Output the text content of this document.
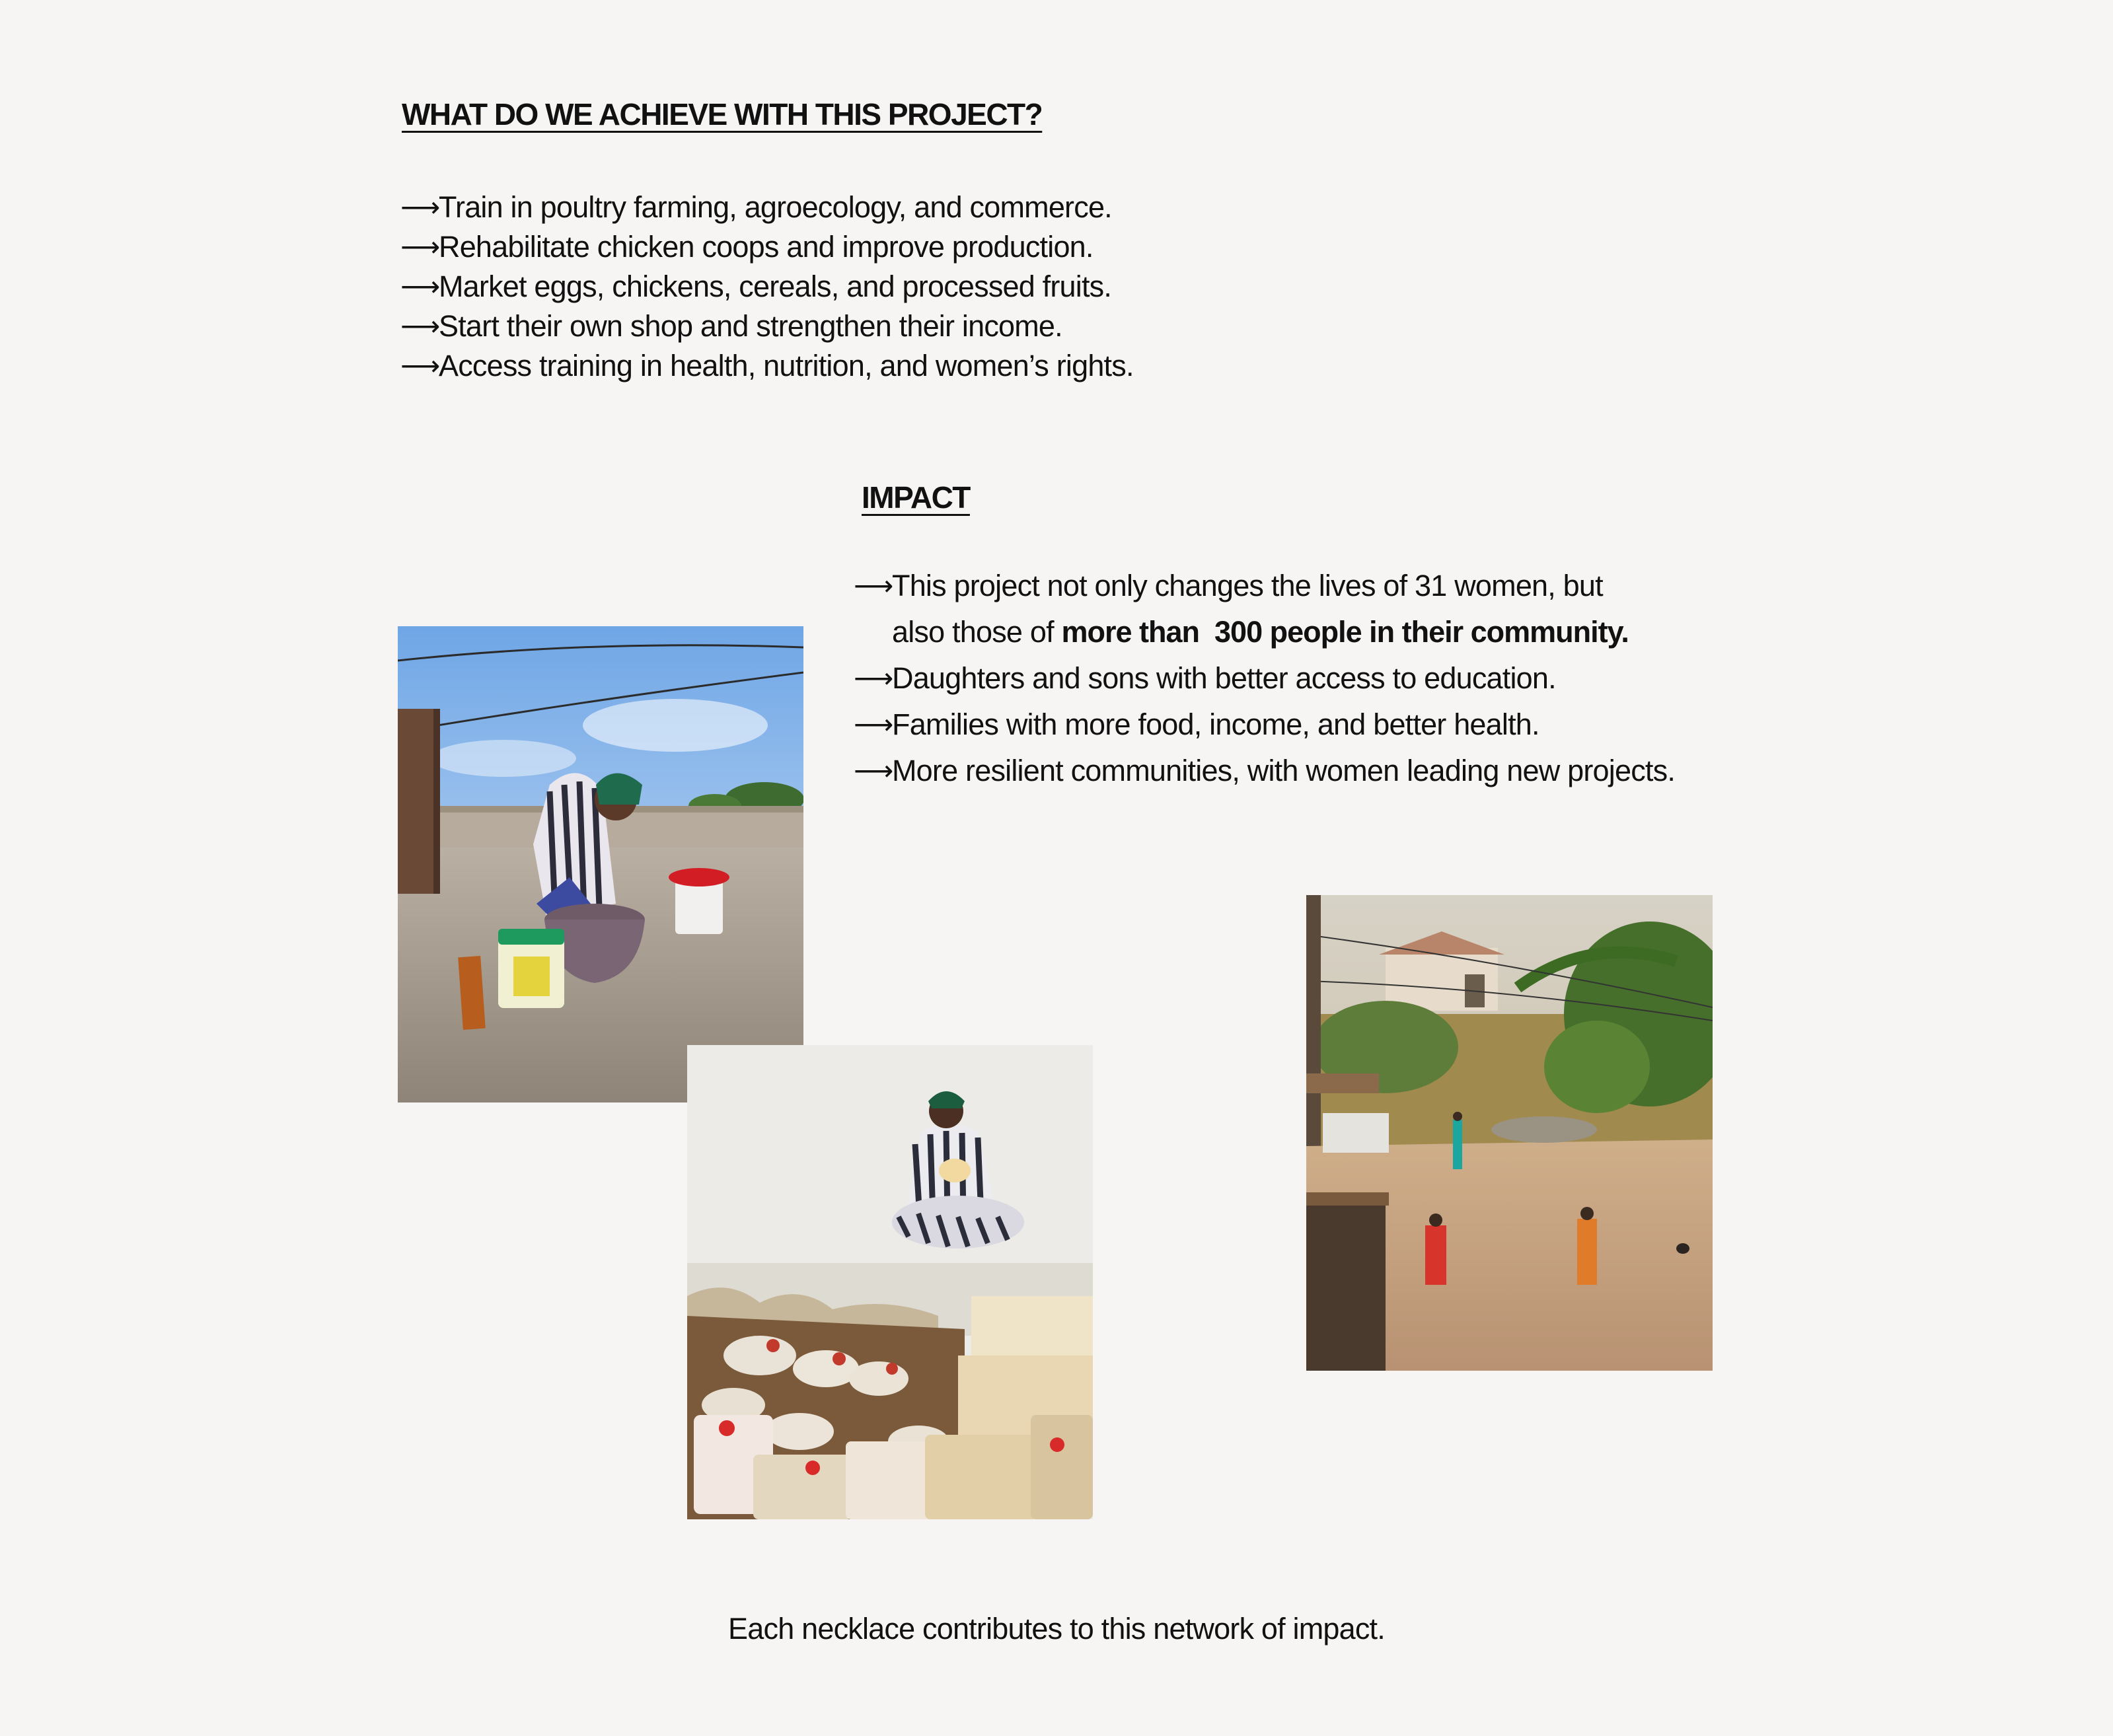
WHAT DO WE ACHIEVE WITH THIS PROJECT?
⟶
Train in poultry farming, agroecology, and commerce.
⟶
Rehabilitate chicken coops and improve production.
⟶
Market eggs, chickens, cereals, and processed fruits.
⟶
Start their own shop and strengthen their income.
⟶
Access training in health, nutrition, and women’s rights.
IMPACT
⟶
This project not only changes the lives of 31 women, but
also those of more than  300 people in their community.
⟶
Daughters and sons with better access to education.
⟶
Families with more food, income, and better health.
⟶
More resilient communities, with women leading new projects.

Each necklace contributes to this network of impact.
